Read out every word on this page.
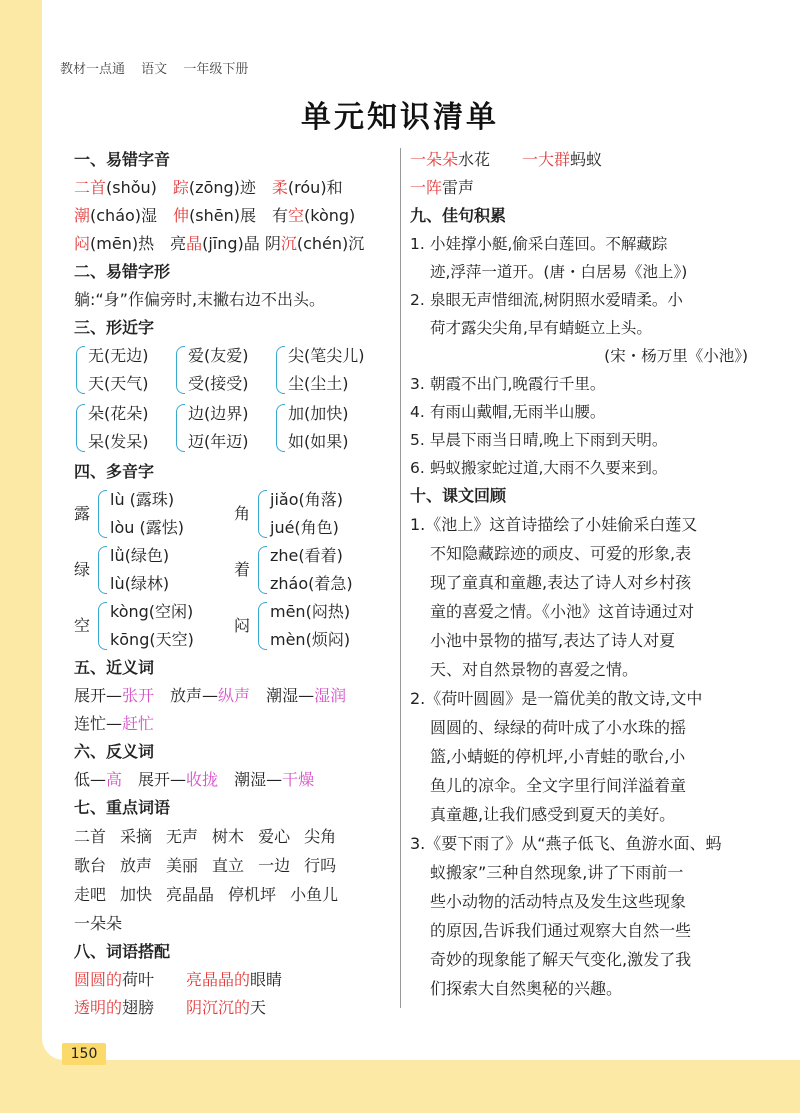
教材一点通 语文 一年级下册
单元知识清单
一、易错字音
二首(shǒu)　踪(zōng)迹　柔(róu)和
潮(cháo)湿　伸(shēn)展　有空(kòng)
闷(mēn)热　亮晶(jīng)晶 阴沉(chén)沉
二、易错字形
躺:“身”作偏旁时,末撇右边不出头。
三、形近字
无(无边)
天(天气)
爱(友爱)
受(接受)
尖(笔尖儿)
尘(尘土)
朵(花朵)
呆(发呆)
边(边界)
迈(年迈)
加(加快)
如(如果)
四、多音字
露
lù (露珠)
lòu (露怯)
角
jiǎo(角落)
jué(角色)
绿
lǜ(绿色)
lù(绿林)
着
zhe(看着)
zháo(着急)
空
kòng(空闲)
kōng(天空)
闷
mēn(闷热)
mèn(烦闷)
五、近义词
展开—张开　放声—纵声　潮湿—湿润
连忙—赶忙
六、反义词
低—高　展开—收拢　潮湿—干燥
七、重点词语
二首 采摘 无声 树木 爱心 尖角
歌台 放声 美丽 直立 一边 行吗
走吧 加快 亮晶晶 停机坪 小鱼儿
一朵朵
八、词语搭配
圆圆的荷叶　　亮晶晶的眼睛
透明的翅膀　　阴沉沉的天
一朵朵水花　　一大群蚂蚁
一阵雷声
九、佳句积累
1. 小娃撑小艇,偷采白莲回。不解藏踪
迹,浮萍一道开。(唐・白居易《池上》)
2. 泉眼无声惜细流,树阴照水爱晴柔。小
荷才露尖尖角,早有蜻蜓立上头。
(宋・杨万里《小池》)
3. 朝霞不出门,晚霞行千里。
4. 有雨山戴帽,无雨半山腰。
5. 早晨下雨当日晴,晚上下雨到天明。
6. 蚂蚁搬家蛇过道,大雨不久要来到。
十、课文回顾
1.《池上》这首诗描绘了小娃偷采白莲又
不知隐藏踪迹的顽皮、可爱的形象,表
现了童真和童趣,表达了诗人对乡村孩
童的喜爱之情。《小池》这首诗通过对
小池中景物的描写,表达了诗人对夏
天、对自然景物的喜爱之情。
2.《荷叶圆圆》是一篇优美的散文诗,文中
圆圆的、绿绿的荷叶成了小水珠的摇
篮,小蜻蜓的停机坪,小青蛙的歌台,小
鱼儿的凉伞。全文字里行间洋溢着童
真童趣,让我们感受到夏天的美好。
3.《要下雨了》从“燕子低飞、鱼游水面、蚂
蚁搬家”三种自然现象,讲了下雨前一
些小动物的活动特点及发生这些现象
的原因,告诉我们通过观察大自然一些
奇妙的现象能了解天气变化,激发了我
们探索大自然奥秘的兴趣。
150
